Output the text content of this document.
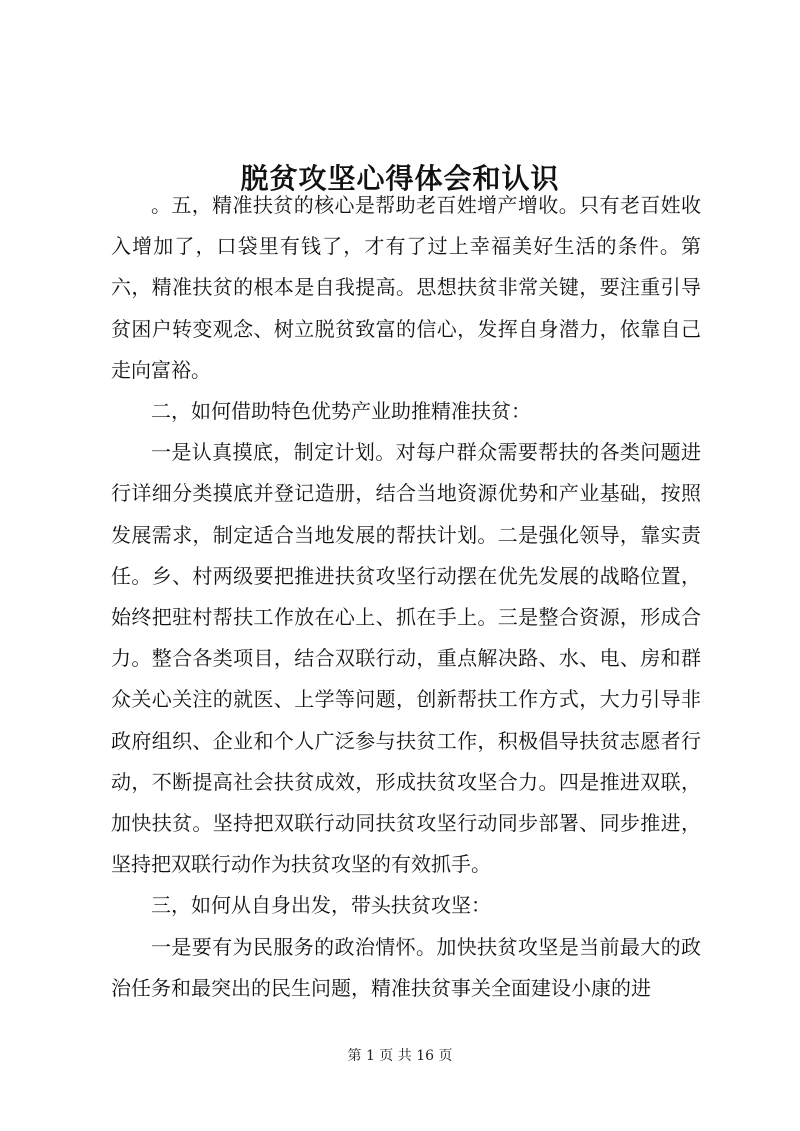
脱贫攻坚心得体会和认识

。五，精准扶贫的核心是帮助老百姓增产增收。只有老百姓收入增加了，口袋里有钱了，才有了过上幸福美好生活的条件。第六，精准扶贫的根本是自我提高。思想扶贫非常关键，要注重引导贫困户转变观念、树立脱贫致富的信心，发挥自身潜力，依靠自己走向富裕。

二，如何借助特色优势产业助推精准扶贫：

一是认真摸底，制定计划。对每户群众需要帮扶的各类问题进行详细分类摸底并登记造册，结合当地资源优势和产业基础，按照发展需求，制定适合当地发展的帮扶计划。二是强化领导，靠实责任。乡、村两级要把推进扶贫攻坚行动摆在优先发展的战略位置，始终把驻村帮扶工作放在心上、抓在手上。三是整合资源，形成合力。整合各类项目，结合双联行动，重点解决路、水、电、房和群众关心关注的就医、上学等问题，创新帮扶工作方式，大力引导非政府组织、企业和个人广泛参与扶贫工作，积极倡导扶贫志愿者行动，不断提高社会扶贫成效，形成扶贫攻坚合力。四是推进双联，加快扶贫。坚持把双联行动同扶贫攻坚行动同步部署、同步推进，坚持把双联行动作为扶贫攻坚的有效抓手。

三，如何从自身出发，带头扶贫攻坚：

一是要有为民服务的政治情怀。加快扶贫攻坚是当前最大的政治任务和最突出的民生问题，精准扶贫事关全面建设小康的进

第 1 页 共 16 页
